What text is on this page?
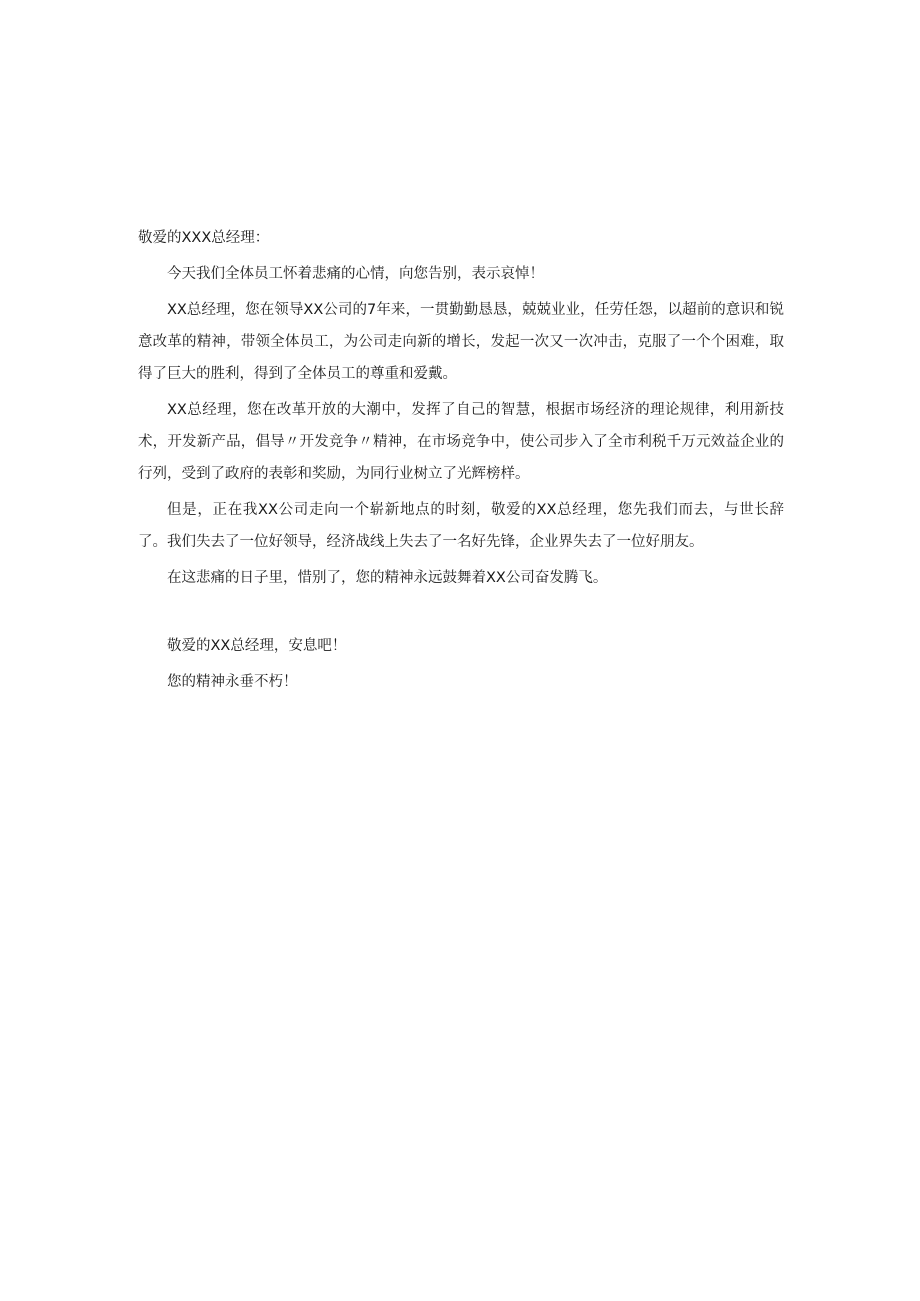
敬爱的XXX总经理：

今天我们全体员工怀着悲痛的心情，向您告别，表示哀悼！

XX总经理，您在领导XX公司的7年来，一贯勤勤恳恳，兢兢业业，任劳任怨，以超前的意识和锐意改革的精神，带领全体员工，为公司走向新的增长，发起一次又一次冲击，克服了一个个困难，取得了巨大的胜利，得到了全体员工的尊重和爱戴。

XX总经理，您在改革开放的大潮中，发挥了自己的智慧，根据市场经济的理论规律，利用新技术，开发新产品，倡导〃开发竞争〃精神，在市场竞争中，使公司步入了全市利税千万元效益企业的行列，受到了政府的表彰和奖励，为同行业树立了光辉榜样。

但是，正在我XX公司走向一个崭新地点的时刻，敬爱的XX总经理，您先我们而去，与世长辞了。我们失去了一位好领导，经济战线上失去了一名好先锋，企业界失去了一位好朋友。

在这悲痛的日子里，惜别了，您的精神永远鼓舞着XX公司奋发腾飞。

敬爱的XX总经理，安息吧！

您的精神永垂不朽！
